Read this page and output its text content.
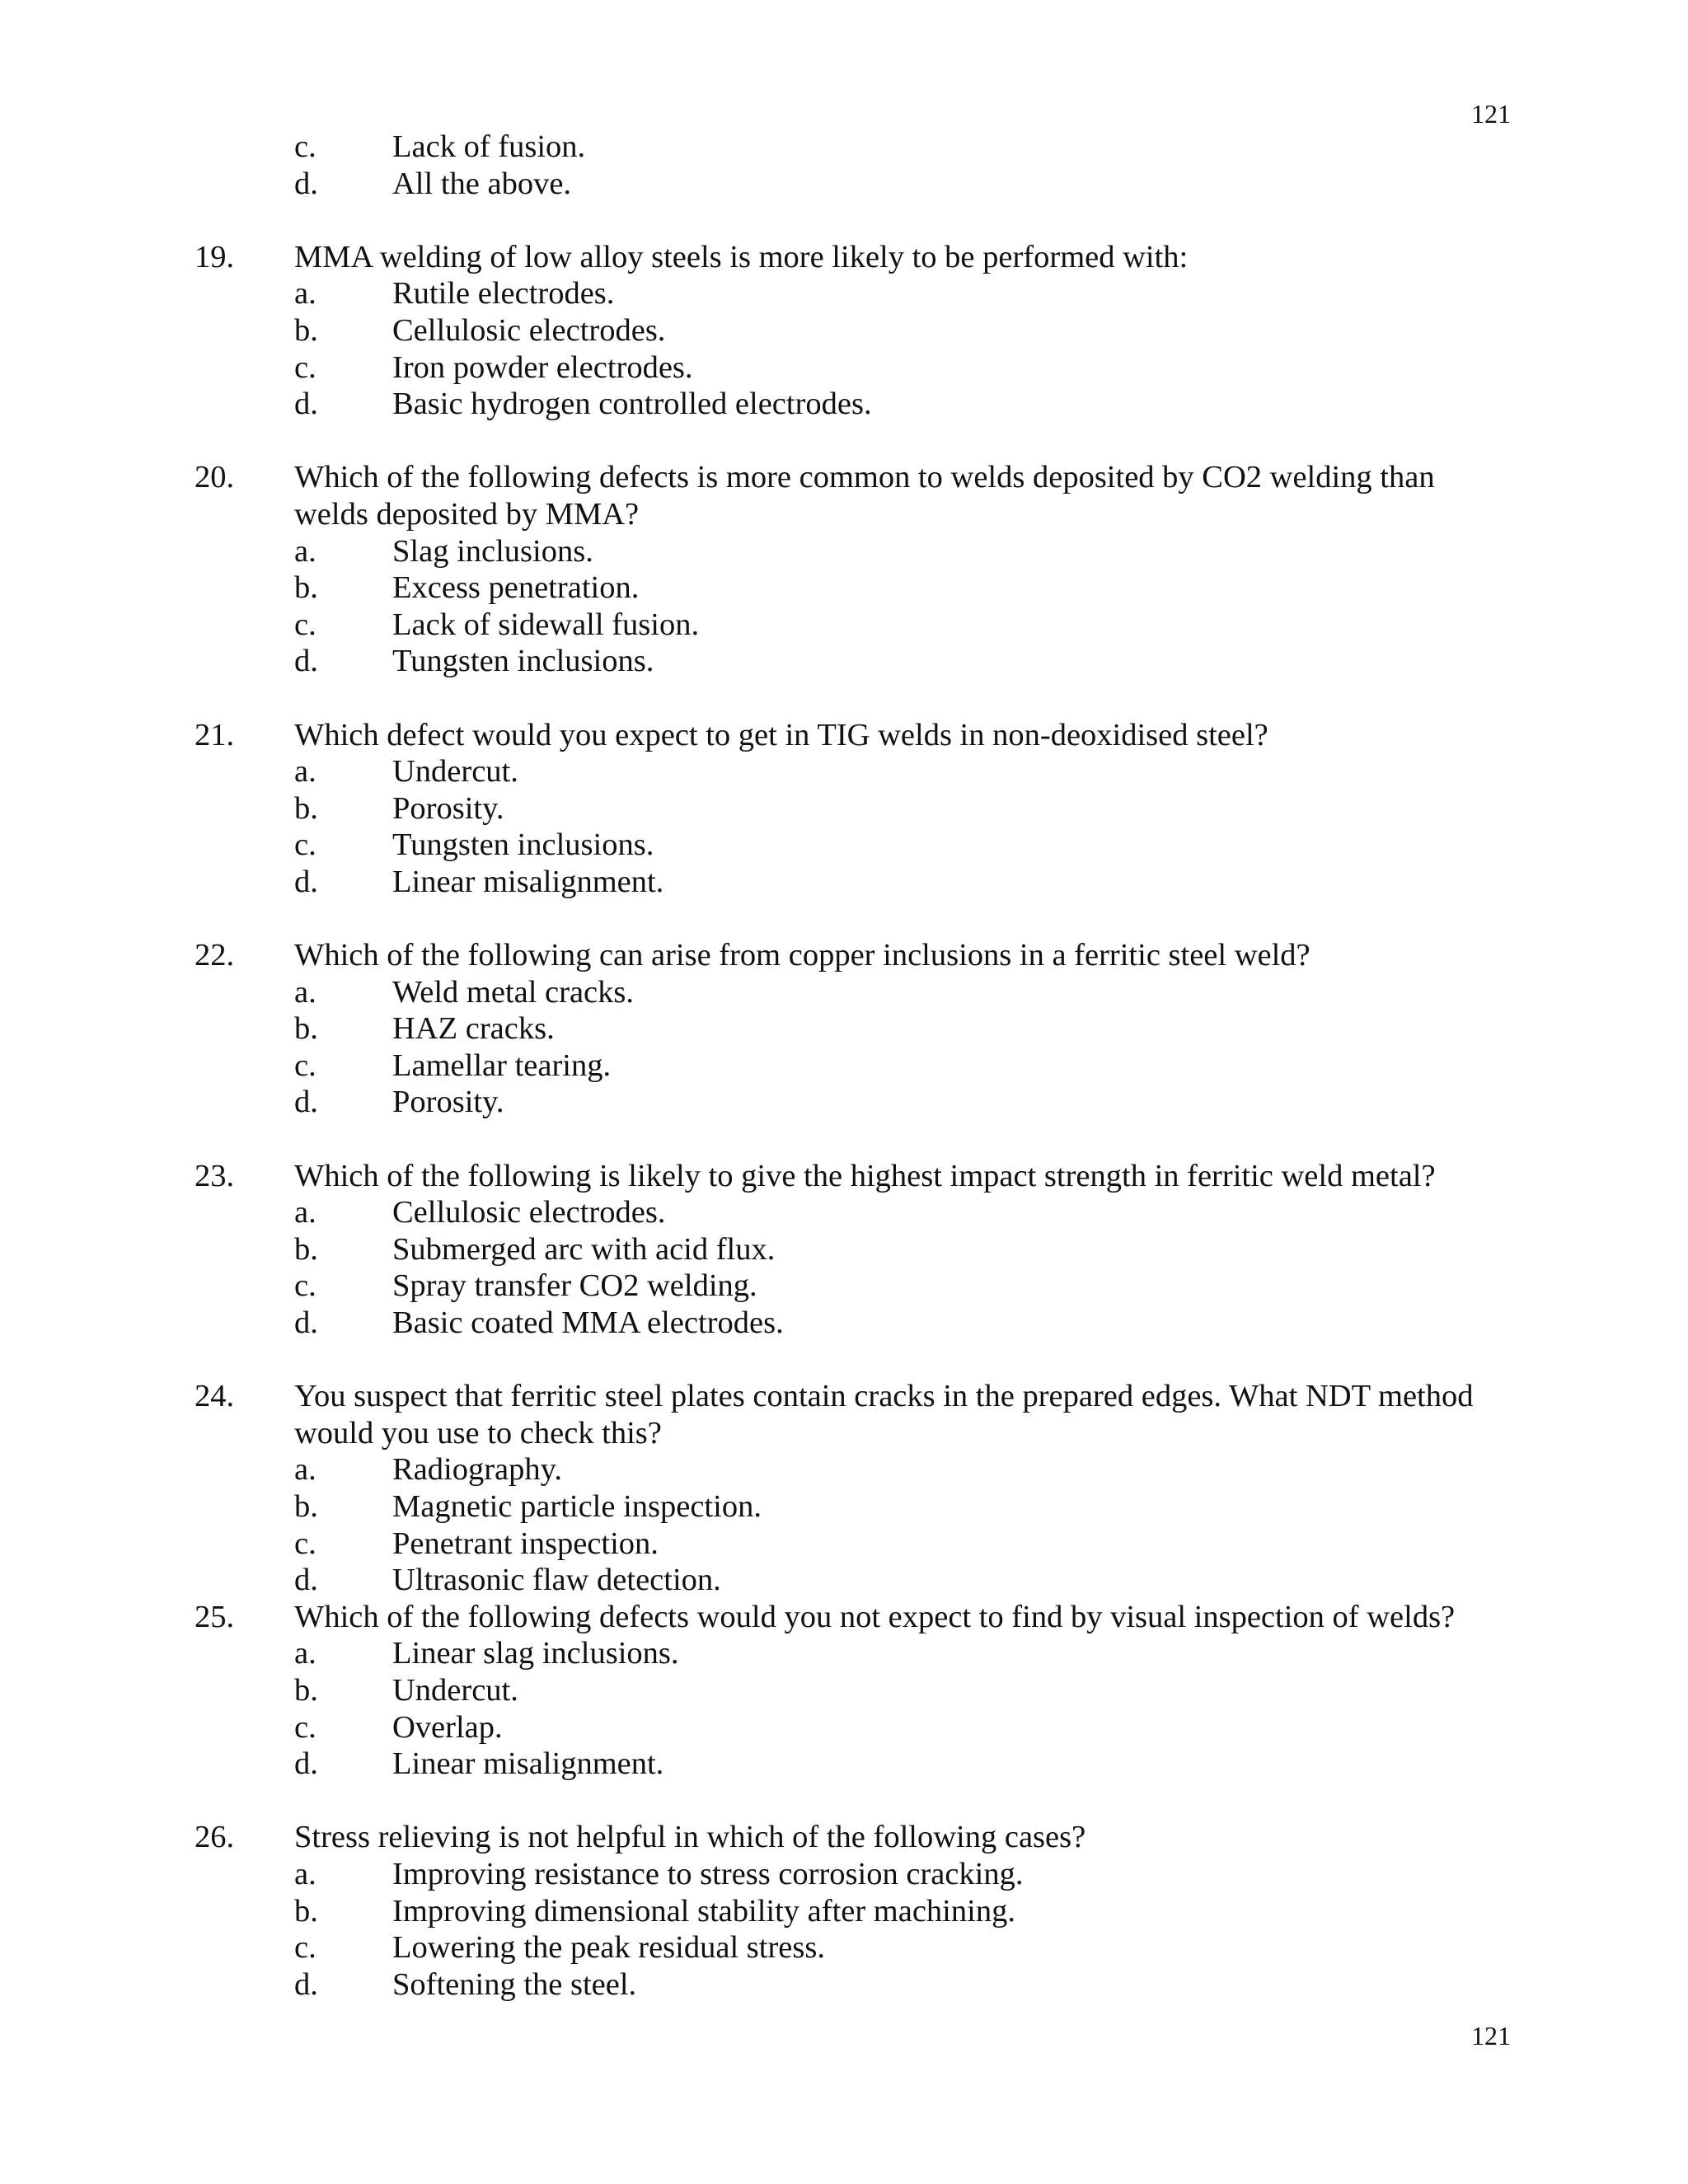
121
c. Lack of fusion.
d. All the above.
19. MMA welding of low alloy steels is more likely to be performed with:
a. Rutile electrodes.
b. Cellulosic electrodes.
c. Iron powder electrodes.
d. Basic hydrogen controlled electrodes.
20. Which of the following defects is more common to welds deposited by CO2 welding than
welds deposited by MMA?
a. Slag inclusions.
b. Excess penetration.
c. Lack of sidewall fusion.
d. Tungsten inclusions.
21. Which defect would you expect to get in TIG welds in non-deoxidised steel?
a. Undercut.
b. Porosity.
c. Tungsten inclusions.
d. Linear misalignment.
22. Which of the following can arise from copper inclusions in a ferritic steel weld?
a. Weld metal cracks.
b. HAZ cracks.
c. Lamellar tearing.
d. Porosity.
23. Which of the following is likely to give the highest impact strength in ferritic weld metal?
a. Cellulosic electrodes.
b. Submerged arc with acid flux.
c. Spray transfer CO2 welding.
d. Basic coated MMA electrodes.
24. You suspect that ferritic steel plates contain cracks in the prepared edges. What NDT method
would you use to check this?
a. Radiography.
b. Magnetic particle inspection.
c. Penetrant inspection.
d. Ultrasonic flaw detection.
25. Which of the following defects would you not expect to find by visual inspection of welds?
a. Linear slag inclusions.
b. Undercut.
c. Overlap.
d. Linear misalignment.
26. Stress relieving is not helpful in which of the following cases?
a. Improving resistance to stress corrosion cracking.
b. Improving dimensional stability after machining.
c. Lowering the peak residual stress.
d. Softening the steel.
121
